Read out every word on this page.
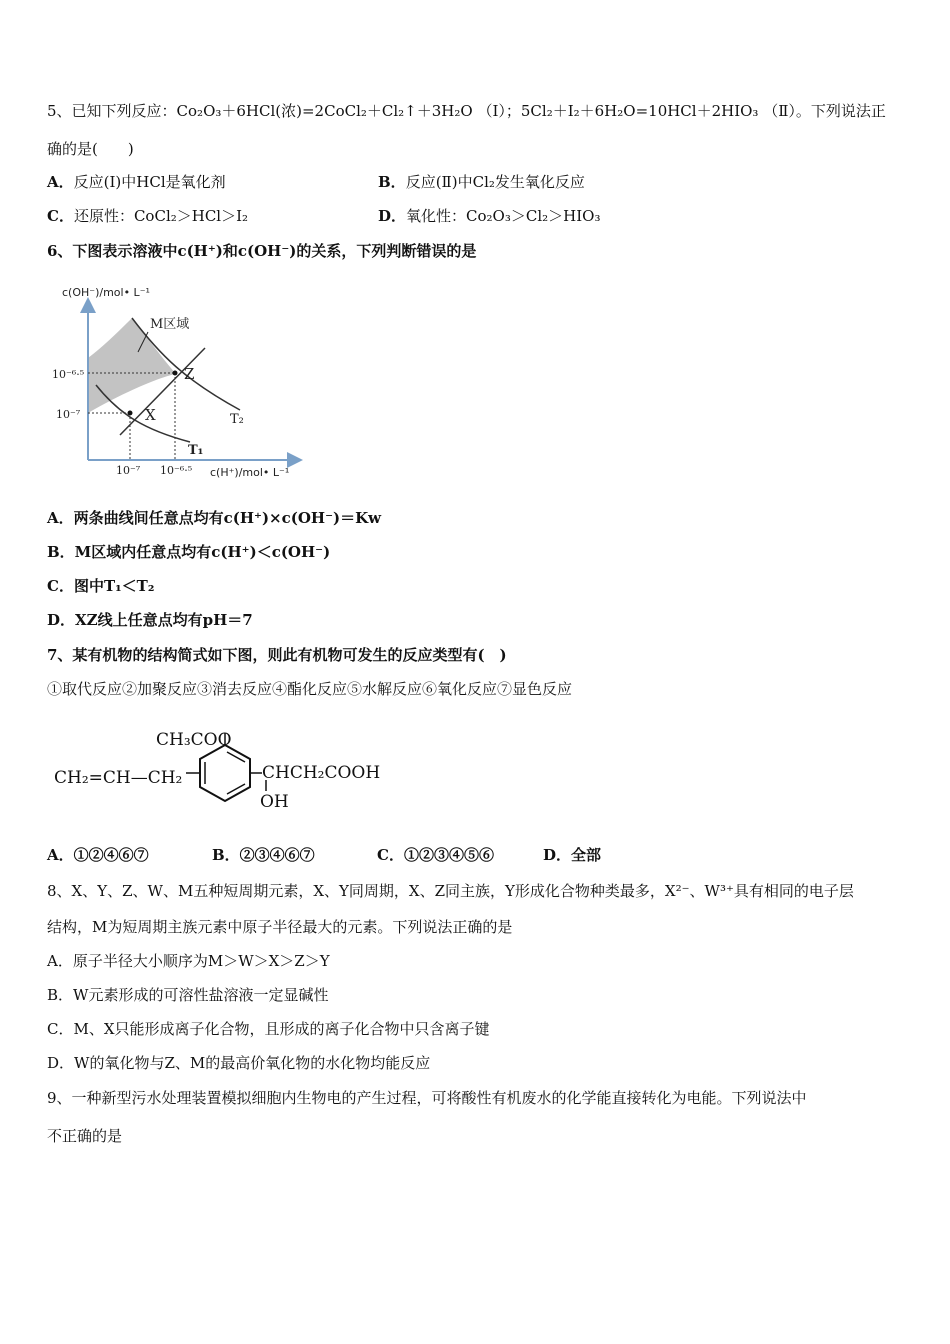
5、已知下列反应：Co₂O₃＋6HCl(浓)=2CoCl₂＋Cl₂↑＋3H₂O （Ⅰ）；5Cl₂＋I₂＋6H₂O=10HCl＋2HIO₃ （Ⅱ）。下列说法正
确的是(　　)
A．反应(Ⅰ)中HCl是氧化剂	B．反应(Ⅱ)中Cl₂发生氧化反应
C．还原性：CoCl₂＞HCl＞I₂	D．氧化性：Co₂O₃＞Cl₂＞HIO₃
6、下图表示溶液中c(H⁺)和c(OH⁻)的关系，下列判断错误的是
c(OH⁻)/mol• L⁻¹
c(H⁺)/mol• L⁻¹
M区域
10⁻⁶·⁵
10⁻⁷
10⁻⁷ 10⁻⁶·⁵
X
Z
T₁
T₂
A．两条曲线间任意点均有c(H⁺)×c(OH⁻)＝Kw
B．M区域内任意点均有c(H⁺)＜c(OH⁻)
C．图中T₁＜T₂
D．XZ线上任意点均有pH＝7
7、某有机物的结构简式如下图，则此有机物可发生的反应类型有(　)
①取代反应②加聚反应③消去反应④酯化反应⑤水解反应⑥氧化反应⑦显色反应
CH₃COO
CH₂=CH—CH₂	CHCH₂COOH
OH
A．①②④⑥⑦	B．②③④⑥⑦	C．①②③④⑤⑥	D．全部
8、X、Y、Z、W、M五种短周期元素，X、Y同周期，X、Z同主族，Y形成化合物种类最多，X²⁻、W³⁺具有相同的电子层
结构，M为短周期主族元素中原子半径最大的元素。下列说法正确的是
A．原子半径大小顺序为M＞W＞X＞Z＞Y
B．W元素形成的可溶性盐溶液一定显碱性
C．M、X只能形成离子化合物，且形成的离子化合物中只含离子键
D．W的氧化物与Z、M的最高价氧化物的水化物均能反应
9、一种新型污水处理装置模拟细胞内生物电的产生过程，可将酸性有机废水的化学能直接转化为电能。下列说法中
不正确的是
